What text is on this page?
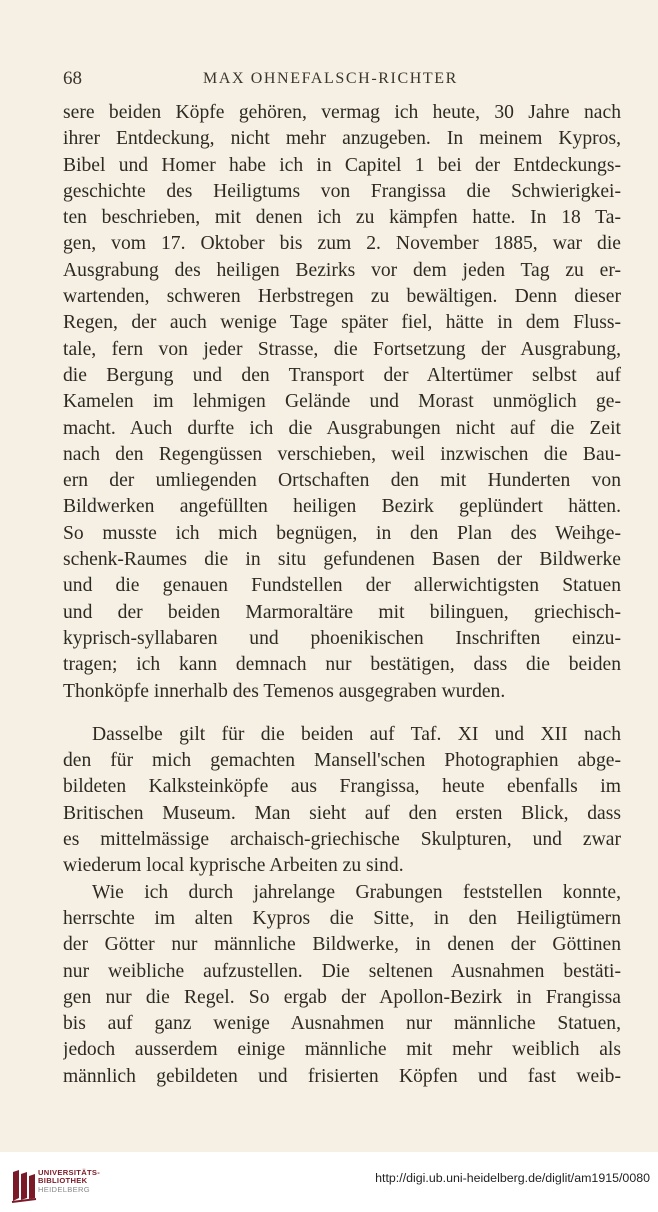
68	MAX OHNEFALSCH-RICHTER
sere beiden Köpfe gehören, vermag ich heute, 30 Jahre nach
ihrer Entdeckung, nicht mehr anzugeben. In meinem Kypros,
Bibel und Homer habe ich in Capitel 1 bei der Entdeckungs-
geschichte des Heiligtums von Frangissa die Schwierigkei-
ten beschrieben, mit denen ich zu kämpfen hatte. In 18 Ta-
gen, vom 17. Oktober bis zum 2. November 1885, war die
Ausgrabung des heiligen Bezirks vor dem jeden Tag zu er-
wartenden, schweren Herbstregen zu bewältigen. Denn dieser
Regen, der auch wenige Tage später fiel, hätte in dem Fluss-
tale, fern von jeder Strasse, die Fortsetzung der Ausgrabung,
die Bergung und den Transport der Altertümer selbst auf
Kamelen im lehmigen Gelände und Morast unmöglich ge-
macht. Auch durfte ich die Ausgrabungen nicht auf die Zeit
nach den Regengüssen verschieben, weil inzwischen die Bau-
ern der umliegenden Ortschaften den mit Hunderten von
Bildwerken angefüllten heiligen Bezirk geplündert hätten.
So musste ich mich begnügen, in den Plan des Weihge-
schenk-Raumes die in situ gefundenen Basen der Bildwerke
und die genauen Fundstellen der allerwichtigsten Statuen
und der beiden Marmoraltäre mit bilinguen, griechisch-
kyprisch-syllabaren und phoenikischen Inschriften einzu-
tragen; ich kann demnach nur bestätigen, dass die beiden
Thonköpfe innerhalb des Temenos ausgegraben wurden.
Dasselbe gilt für die beiden auf Taf. XI und XII nach
den für mich gemachten Mansell'schen Photographien abge-
bildeten Kalksteinköpfe aus Frangissa, heute ebenfalls im
Britischen Museum. Man sieht auf den ersten Blick, dass
es mittelmässige archaisch-griechische Skulpturen, und zwar
wiederum local kyprische Arbeiten zu sind.
Wie ich durch jahrelange Grabungen feststellen konnte,
herrschte im alten Kypros die Sitte, in den Heiligtümern
der Götter nur männliche Bildwerke, in denen der Göttinen
nur weibliche aufzustellen. Die seltenen Ausnahmen bestäti-
gen nur die Regel. So ergab der Apollon-Bezirk in Frangissa
bis auf ganz wenige Ausnahmen nur männliche Statuen,
jedoch ausserdem einige männliche mit mehr weiblich als
männlich gebildeten und frisierten Köpfen und fast weib-
UNIVERSITÄTS-
BIBLIOTHEK

HEIDELBERG
http://digi.ub.uni-heidelberg.de/diglit/am1915/0080
